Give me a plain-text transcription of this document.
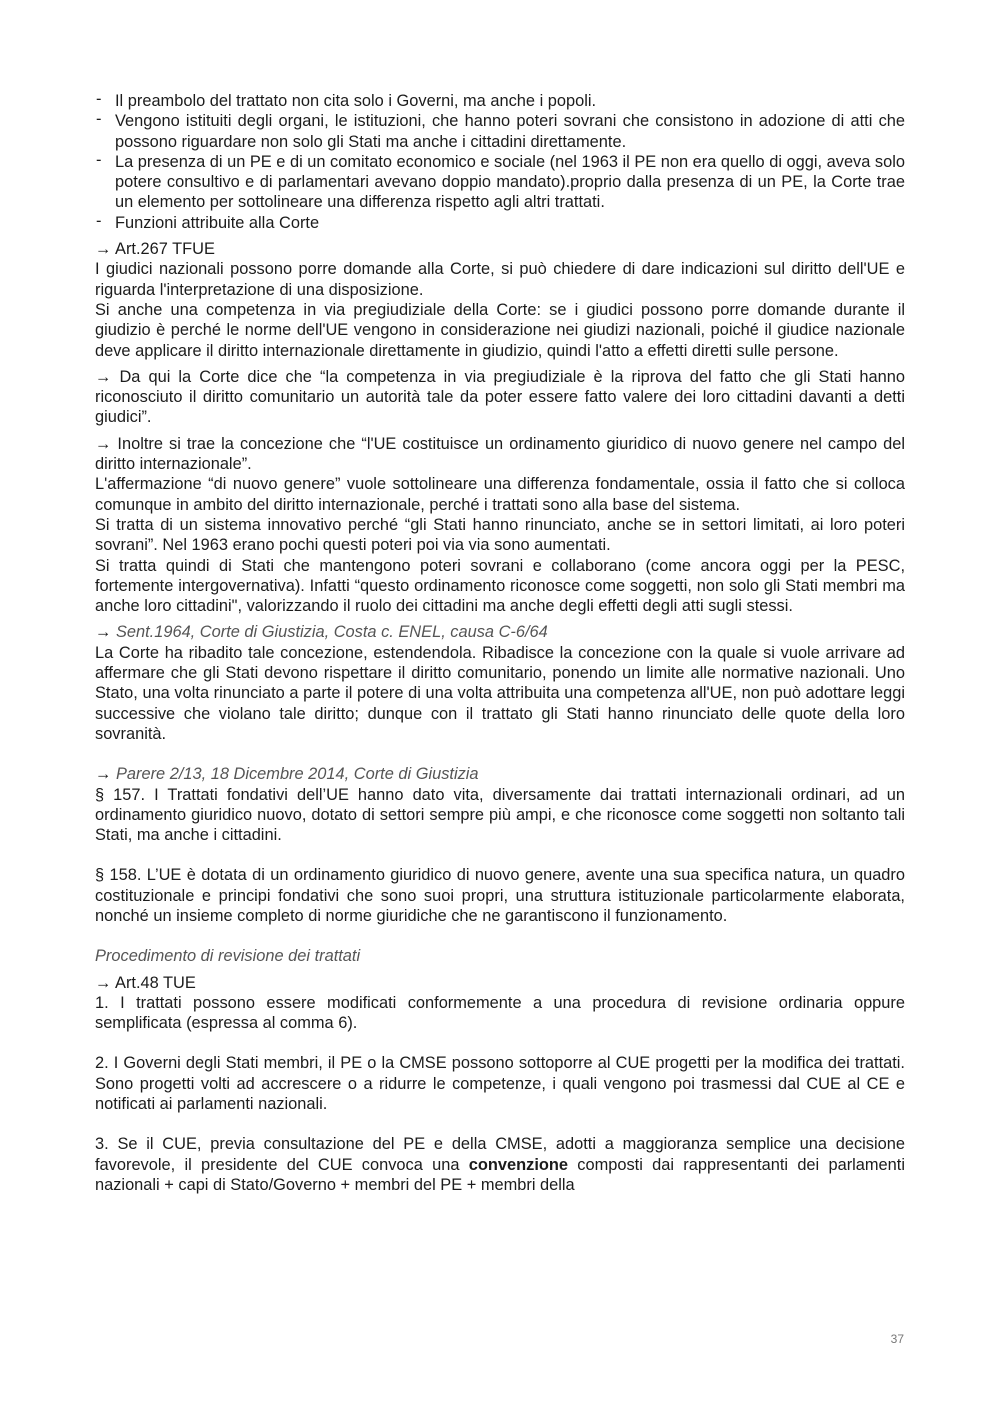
- Il preambolo del trattato non cita solo i Governi, ma anche i popoli.
- Vengono istituiti degli organi, le istituzioni, che hanno poteri sovrani che consistono in adozione di atti che possono riguardare non solo gli Stati ma anche i cittadini direttamente.
- La presenza di un PE e di un comitato economico e sociale (nel 1963 il PE non era quello di oggi, aveva solo potere consultivo e di parlamentari avevano doppio mandato).proprio dalla presenza di un PE, la Corte trae un elemento per sottolineare una differenza rispetto agli altri trattati.
- Funzioni attribuite alla Corte

→ Art.267 TFUE

I giudici nazionali possono porre domande alla Corte, si può chiedere di dare indicazioni sul diritto dell'UE e riguarda l'interpretazione di una disposizione.

Si anche una competenza in via pregiudiziale della Corte: se i giudici possono porre domande durante il giudizio è perché le norme dell'UE vengono in considerazione nei giudizi nazionali, poiché il giudice nazionale deve applicare il diritto internazionale direttamente in giudizio, quindi l'atto a effetti diretti sulle persone.

→ Da qui la Corte dice che “la competenza in via pregiudiziale è la riprova del fatto che gli Stati hanno riconosciuto il diritto comunitario un autorità tale da poter essere fatto valere dei loro cittadini davanti a detti giudici”.

→ Inoltre si trae la concezione che “l'UE costituisce un ordinamento giuridico di nuovo genere nel campo del diritto internazionale”.

L'affermazione “di nuovo genere” vuole sottolineare una differenza fondamentale, ossia il fatto che si colloca comunque in ambito del diritto internazionale, perché i trattati sono alla base del sistema.

Si tratta di un sistema innovativo perché “gli Stati hanno rinunciato, anche se in settori limitati, ai loro poteri sovrani”. Nel 1963 erano pochi questi poteri poi via via sono aumentati.

Si tratta quindi di Stati che mantengono poteri sovrani e collaborano (come ancora oggi per la PESC, fortemente intergovernativa). Infatti “questo ordinamento riconosce come soggetti, non solo gli Stati membri ma anche loro cittadini", valorizzando il ruolo dei cittadini ma anche degli effetti degli atti sugli stessi.

→ Sent.1964, Corte di Giustizia, Costa c. ENEL, causa C-6/64

La Corte ha ribadito tale concezione, estendendola. Ribadisce la concezione con la quale si vuole arrivare ad affermare che gli Stati devono rispettare il diritto comunitario, ponendo un limite alle normative nazionali. Uno Stato, una volta rinunciato a parte il potere di una volta attribuita una competenza all'UE, non può adottare leggi successive che violano tale diritto; dunque con il trattato gli Stati hanno rinunciato delle quote della loro sovranità.

→ Parere 2/13, 18 Dicembre 2014, Corte di Giustizia

§ 157. I Trattati fondativi dell’UE hanno dato vita, diversamente dai trattati internazionali ordinari, ad un ordinamento giuridico nuovo, dotato di settori sempre più ampi, e che riconosce come soggetti non soltanto tali Stati, ma anche i cittadini.

§ 158. L’UE è dotata di un ordinamento giuridico di nuovo genere, avente una sua specifica natura, un quadro costituzionale e principi fondativi che sono suoi propri, una struttura istituzionale particolarmente elaborata, nonché un insieme completo di norme giuridiche che ne garantiscono il funzionamento.

Procedimento di revisione dei trattati

→ Art.48 TUE

1. I trattati possono essere modificati conformemente a una procedura di revisione ordinaria oppure semplificata (espressa al comma 6).

2. I Governi degli Stati membri, il PE o la CMSE possono sottoporre al CUE progetti per la modifica dei trattati. Sono progetti volti ad accrescere o a ridurre le competenze, i quali vengono poi trasmessi dal CUE al CE e notificati ai parlamenti nazionali.

3. Se il CUE, previa consultazione del PE e della CMSE, adotti a maggioranza semplice una decisione favorevole, il presidente del CUE convoca una convenzione composti dai rappresentanti dei parlamenti nazionali + capi di Stato/Governo + membri del PE + membri della

37
